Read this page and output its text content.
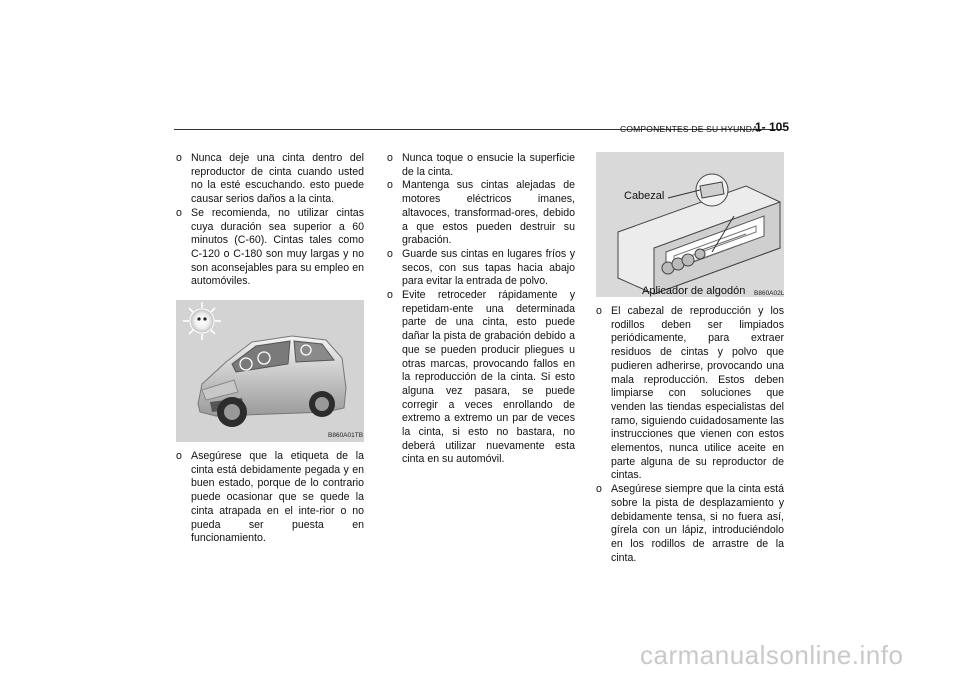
COMPONENTES DE SU HYUNDAI
1- 105

o Nunca deje una cinta dentro del reproductor de cinta cuando usted no la esté escuchando. esto puede causar serios daños a la cinta.

o Se recomienda, no utilizar cintas cuya duración sea superior a 60 minutos (C-60). Cintas tales como C-120 o C-180 son muy largas y no son aconsejables para su empleo en automóviles.

B860A01TB

o Asegúrese que la etiqueta de la cinta está debidamente pegada y en buen estado, porque de lo contrario puede ocasionar que se quede la cinta atrapada en el inte-rior o no pueda ser puesta en funcionamiento.

o Nunca toque o ensucie la superficie de la cinta.

o Mantenga sus cintas alejadas de motores eléctricos imanes, altavoces, transformad-ores, debido a que estos pueden destruir su grabación.

o Guarde sus cintas en lugares fríos y secos, con sus tapas hacia abajo para evitar la entrada de polvo.

o Evite retroceder rápidamente y repetidam-ente una determinada parte de una cinta, esto puede dañar la pista de grabación debido a que se pueden producir pliegues u otras marcas, provocando fallos en la reproducción de la cinta. Si esto alguna vez pasara, se puede corregir a veces enrollando de extremo a extremo un par de veces la cinta, si esto no bastara, no deberá utilizar nuevamente esta cinta en su automóvil.

Cabezal
Aplicador de algodón B860A02L

o El cabezal de reproducción y los rodillos deben ser limpiados periódicamente, para extraer residuos de cintas y polvo que pudieren adherirse, provocando una mala reproducción. Estos deben limpiarse con soluciones que venden las tiendas especialistas del ramo, siguiendo cuidadosamente las instrucciones que vienen con estos elementos, nunca utilice aceite en parte alguna de su reproductor de cintas.

o Asegúrese siempre que la cinta está sobre la pista de desplazamiento y debidamente tensa, si no fuera así, gírela con un lápiz, introduciéndolo en los rodillos de arrastre de la cinta.

carmanualsonline.info
